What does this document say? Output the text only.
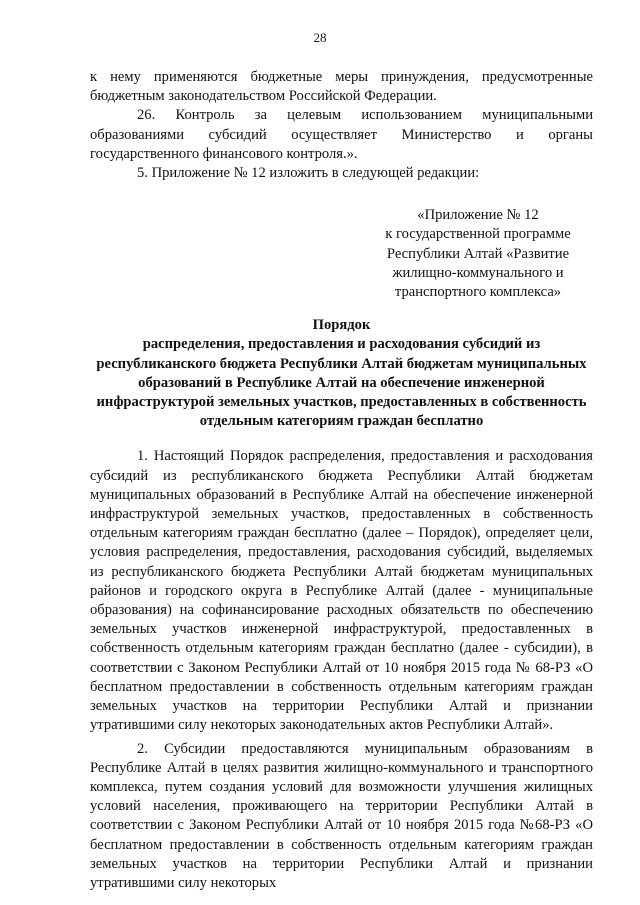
28

к нему применяются бюджетные меры принуждения, предусмотренные бюджетным законодательством Российской Федерации.

26. Контроль за целевым использованием муниципальными образованиями субсидий осуществляет Министерство и органы государственного финансового контроля.».

5. Приложение № 12 изложить в следующей редакции:

«Приложение № 12
к государственной программе
Республики Алтай «Развитие
жилищно-коммунального и
транспортного комплекса»
Порядок

распределения, предоставления и расходования субсидий из республиканского бюджета Республики Алтай бюджетам муниципальных образований в Республике Алтай на обеспечение инженерной инфраструктурой земельных участков, предоставленных в собственность отдельным категориям граждан бесплатно

1. Настоящий Порядок распределения, предоставления и расходования субсидий из республиканского бюджета Республики Алтай бюджетам муниципальных образований в Республике Алтай на обеспечение инженерной инфраструктурой земельных участков, предоставленных в собственность отдельным категориям граждан бесплатно (далее – Порядок), определяет цели, условия распределения, предоставления, расходования субсидий, выделяемых из республиканского бюджета Республики Алтай бюджетам муниципальных районов и городского округа в Республике Алтай (далее - муниципальные образования) на софинансирование расходных обязательств по обеспечению земельных участков инженерной инфраструктурой, предоставленных в собственность отдельным категориям граждан бесплатно (далее - субсидии), в соответствии с Законом Республики Алтай от 10 ноября 2015 года № 68-РЗ «О бесплатном предоставлении в собственность отдельным категориям граждан земельных участков на территории Республики Алтай и признании утратившими силу некоторых законодательных актов Республики Алтай».

2. Субсидии предоставляются муниципальным образованиям в Республике Алтай в целях развития жилищно-коммунального и транспортного комплекса, путем создания условий для возможности улучшения жилищных условий населения, проживающего на территории Республики Алтай в соответствии с Законом Республики Алтай от 10 ноября 2015 года №68-РЗ «О бесплатном предоставлении в собственность отдельным категориям граждан земельных участков на территории Республики Алтай и признании утратившими силу некоторых
